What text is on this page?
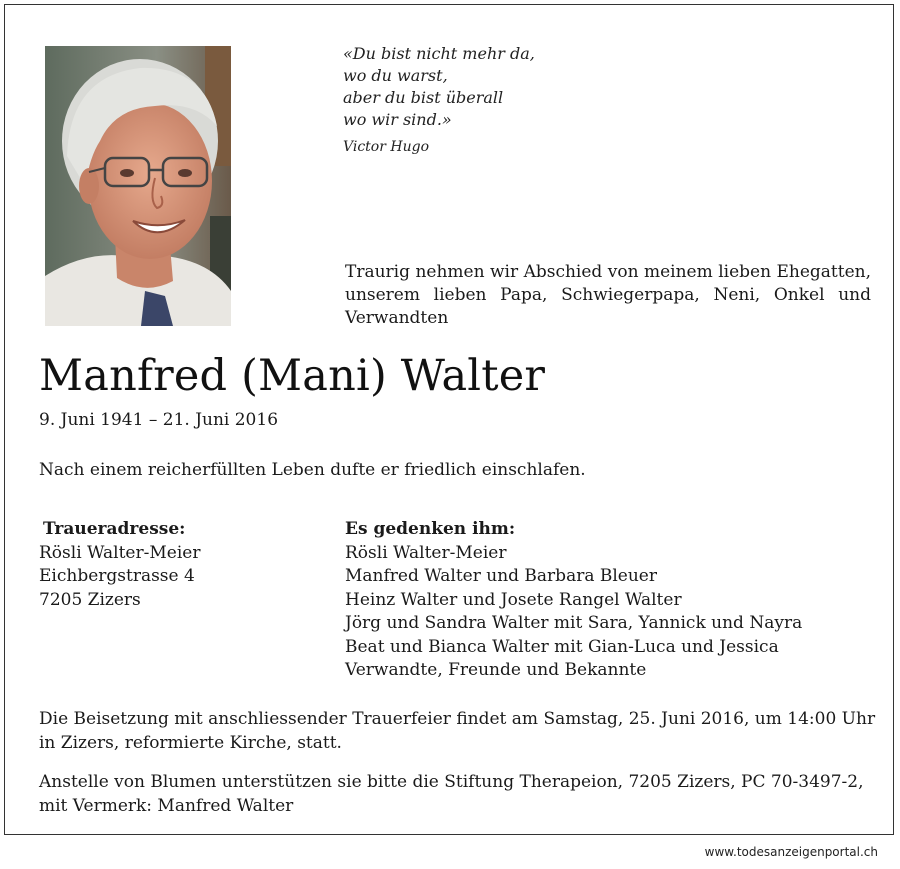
«Du bist nicht mehr da,
wo du warst,
aber du bist überall
wo wir sind.»
Victor Hugo
Traurig nehmen wir Abschied von meinem lieben Ehegatten, unserem lieben Papa, Schwiegerpapa, Neni, Onkel und Verwandten
Manfred (Mani) Walter
9. Juni 1941 – 21. Juni 2016
Nach einem reicherfüllten Leben dufte er friedlich einschlafen.
Traueradresse:
Rösli Walter-Meier
Eichbergstrasse 4
7205 Zizers
Es gedenken ihm:
Rösli Walter-Meier
Manfred Walter und Barbara Bleuer
Heinz Walter und Josete Rangel Walter
Jörg und Sandra Walter mit Sara, Yannick und Nayra
Beat und Bianca Walter mit Gian-Luca und Jessica
Verwandte, Freunde und Bekannte
Die Beisetzung mit anschliessender Trauerfeier findet am Samstag, 25. Juni 2016, um 14:00 Uhr
in Zizers, reformierte Kirche, statt.
Anstelle von Blumen unterstützen sie bitte die Stiftung Therapeion, 7205 Zizers, PC 70-3497-2,
mit Vermerk: Manfred Walter
www.todesanzeigenportal.ch
